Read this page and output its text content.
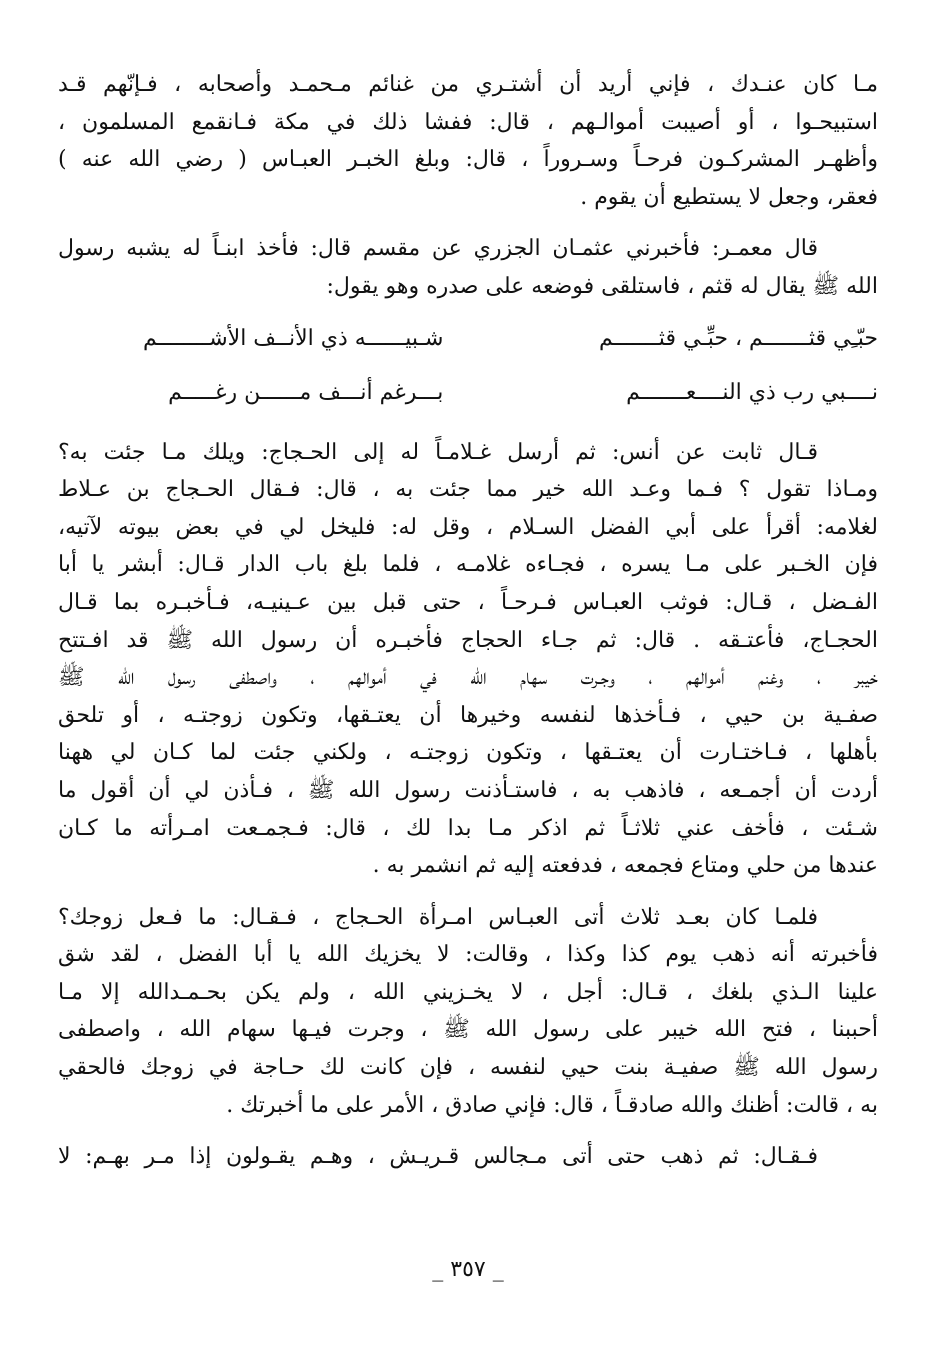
مـا كان عنـدك ، فإني أريد أن أشتـري من غنائم مـحمـد وأصحابه ، فـإنّهم قـد
استبيحـوا ، أو أصيبت أموالـهم ، قال: ففشا ذلك في مكة فـانقمع المسلمون ،
وأظهـر المشركـون فرحـاً وسـروراً ، قال: وبلغ الخبـر العبـاس ( رضي الله عنه )
فعقر، وجعل لا يستطيع أن يقوم .

قال معمـر: فأخبرني عثمـان الجزري عن مقسم قال: فأخذ ابنـاً له يشبه رسول
الله ﷺ يقال له قثم ، فاستلقى فوضعه على صدره وهو يقول:

حبّـِي قثـــــــم ، حبِّـي قثـــــــم
شـبيــــــه ذي الأنــف الأشــــــــم
نــــبي رب ذي النــــعـــــــم
بـــرغم أنـــف مــــــن رغـــــم

قـال ثابت عن أنس: ثم أرسل غـلامـاً له إلى الحـجاج: ويلك مـا جئت به؟
ومـاذا تقول ؟ فـما وعـد الله خير مما جئت به ، قال: فـقال الحـجاج بن عـلاط
لغلامه: أقرأ على أبي الفضل السـلام ، وقل له: فليخل لي في بعض بيوته لآتيه،
فإن الخـبر على مـا يسره ، فجـاءه غلامـه ، فلما بلغ باب الدار قـال: أبشر يا أبا
الفـضل ، قـال: فوثب العبـاس فـرحـاً ، حتى قبل بين عـينيـه، فـأخبـره بما قـال
الحجـاج، فأعتـقه . قال: ثم جـاء الحجاج فأخبـره أن رسول الله ﷺ قد افـتتح
خيبر ، وغنم أموالهم ، وجـرت سهام الله في أموالهم ، واصطفى رسول الله ﷺ
صفـية بن حيي ، فـأخذها لنفسه وخيرها أن يعتـقها، وتكون زوجتـه ، أو تلحق
بأهلها ، فـاختـارت أن يعتـقها ، وتكون زوجتـه ، ولكني جئت لما كـان لي ههنا
أردت أن أجمـعه ، فاذهب به ، فاستـأذنت رسول الله ﷺ ، فـأذن لي أن أقول ما
شـئت ، فأخف عني ثلاثـاً ثم اذكر مـا بدا لك ، قال: فـجمـعت امـرأته ما كـان
عندها من حلي ومتاع فجمعه ، فدفعته إليه ثم انشمر به .

فلمـا كان بعـد ثلاث أتى العبـاس امـرأة الحـجاج ، فـقـال: ما فـعل زوجك؟
فأخبرته أنه ذهب يوم كذا وكذا ، وقالت: لا يخزيك الله يا أبا الفضل ، لقد شق
علينا الـذي بلغك ، قـال: أجل ، لا يخـزيني الله ، ولم يكن بحـمـدالله إلا مـا
أحببنا ، فتح الله خيبر على رسول الله ﷺ ، وجرت فيـها سهام الله ، واصطفى
رسول الله ﷺ صفيـة بنت حيي لنفسه ، فإن كانت لك حـاجة في زوجك فالحقي
به ، قالت: أظنك والله صادقـاً ، قال: فإني صادق ، الأمر على ما أخبرتك .

فـقـال: ثم ذهب حتى أتى مـجالس قـريـش ، وهـم يقـولون إذا مـر بهـم: لا

_ ٣٥٧ _
